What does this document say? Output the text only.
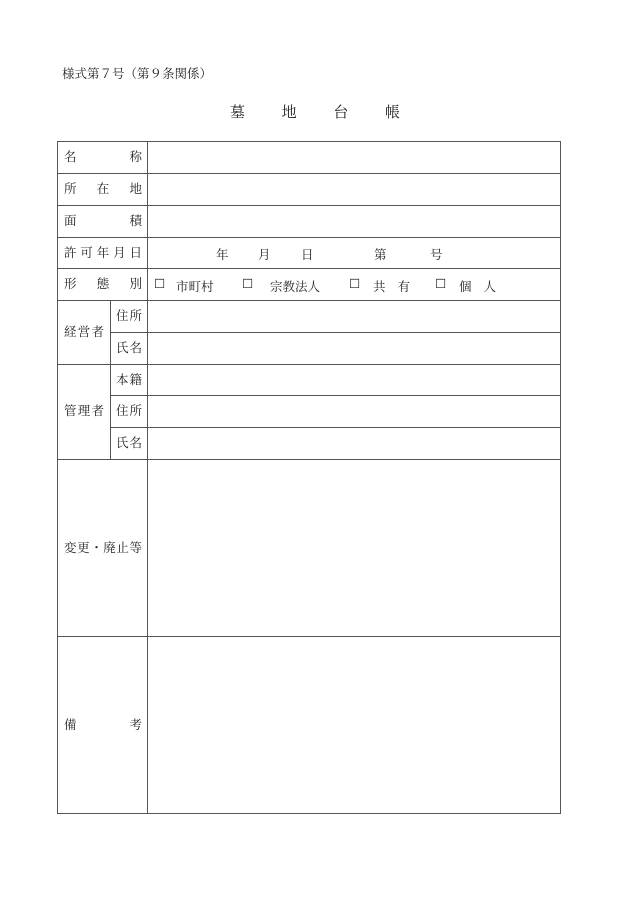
様式第７号（第９条関係）
墓地台帳
名称
所在地
面積
許可年月日
形態別
経営者
住所
氏名
管理者
本籍
住所
氏名
変更・廃止等
備考
年 月 日	第	号
☐ 市町村 ☐ 宗教法人 ☐ 共有 ☐ 個人
